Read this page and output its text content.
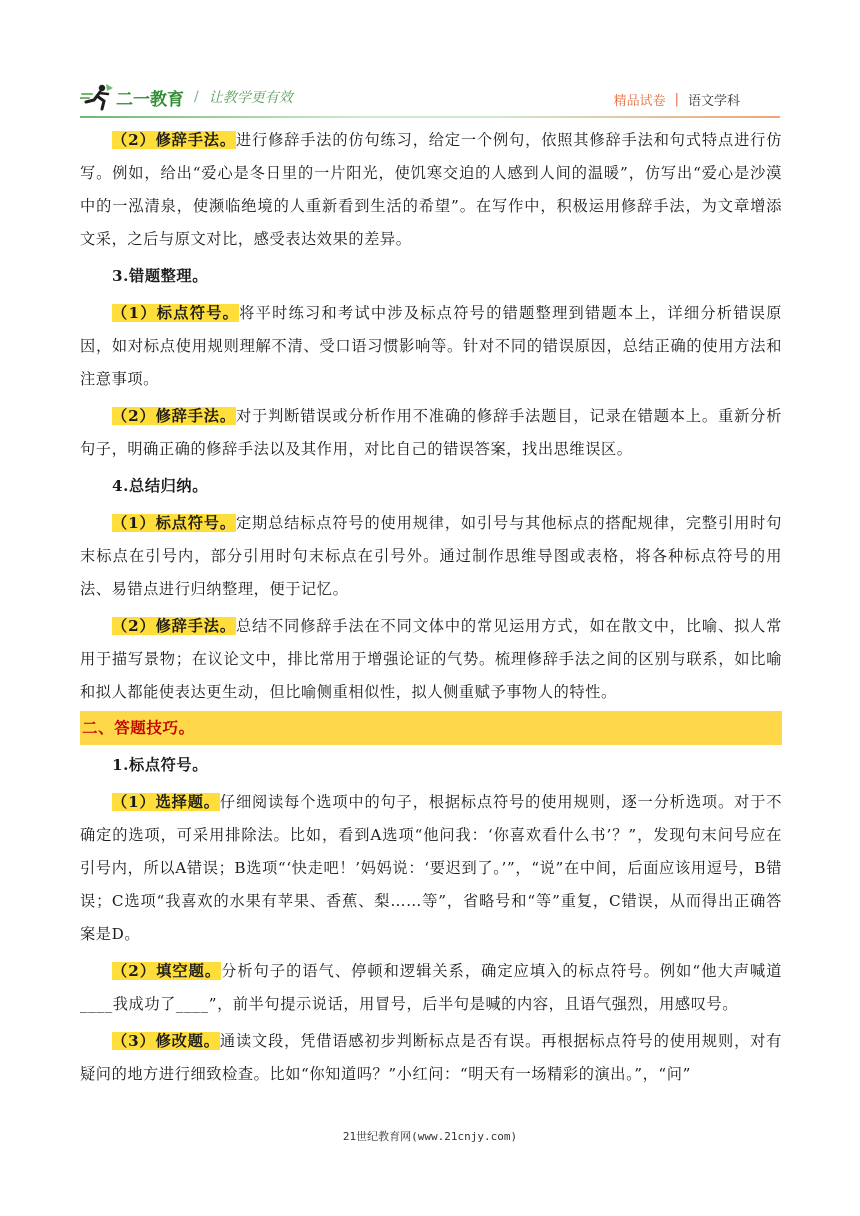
二一教育 / 让教学更有效	精品试卷 | 语文学科

（2）修辞手法。进行修辞手法的仿句练习，给定一个例句，依照其修辞手法和句式特点进行仿写。例如，给出“爱心是冬日里的一片阳光，使饥寒交迫的人感到人间的温暖”，仿写出“爱心是沙漠中的一泓清泉，使濒临绝境的人重新看到生活的希望”。在写作中，积极运用修辞手法，为文章增添文采，之后与原文对比，感受表达效果的差异。

3.错题整理。

（1）标点符号。将平时练习和考试中涉及标点符号的错题整理到错题本上，详细分析错误原因，如对标点使用规则理解不清、受口语习惯影响等。针对不同的错误原因，总结正确的使用方法和注意事项。

（2）修辞手法。对于判断错误或分析作用不准确的修辞手法题目，记录在错题本上。重新分析句子，明确正确的修辞手法以及其作用，对比自己的错误答案，找出思维误区。

4.总结归纳。

（1）标点符号。定期总结标点符号的使用规律，如引号与其他标点的搭配规律，完整引用时句末标点在引号内，部分引用时句末标点在引号外。通过制作思维导图或表格，将各种标点符号的用法、易错点进行归纳整理，便于记忆。

（2）修辞手法。总结不同修辞手法在不同文体中的常见运用方式，如在散文中，比喻、拟人常用于描写景物；在议论文中，排比常用于增强论证的气势。梳理修辞手法之间的区别与联系，如比喻和拟人都能使表达更生动，但比喻侧重相似性，拟人侧重赋予事物人的特性。

二、答题技巧。

1.标点符号。

（1）选择题。仔细阅读每个选项中的句子，根据标点符号的使用规则，逐一分析选项。对于不确定的选项，可采用排除法。比如，看到A选项“他问我：‘你喜欢看什么书’？”，发现句末问号应在引号内，所以A错误；B选项“‘快走吧！’妈妈说：‘要迟到了。’”，“说”在中间，后面应该用逗号，B错误；C选项“我喜欢的水果有苹果、香蕉、梨……等”，省略号和“等”重复，C错误，从而得出正确答案是D。

（2）填空题。分析句子的语气、停顿和逻辑关系，确定应填入的标点符号。例如“他大声喊道____我成功了____”，前半句提示说话，用冒号，后半句是喊的内容，且语气强烈，用感叹号。

（3）修改题。通读文段，凭借语感初步判断标点是否有误。再根据标点符号的使用规则，对有疑问的地方进行细致检查。比如“你知道吗？”小红问：“明天有一场精彩的演出。”，“问”

21世纪教育网(www.21cnjy.com)
